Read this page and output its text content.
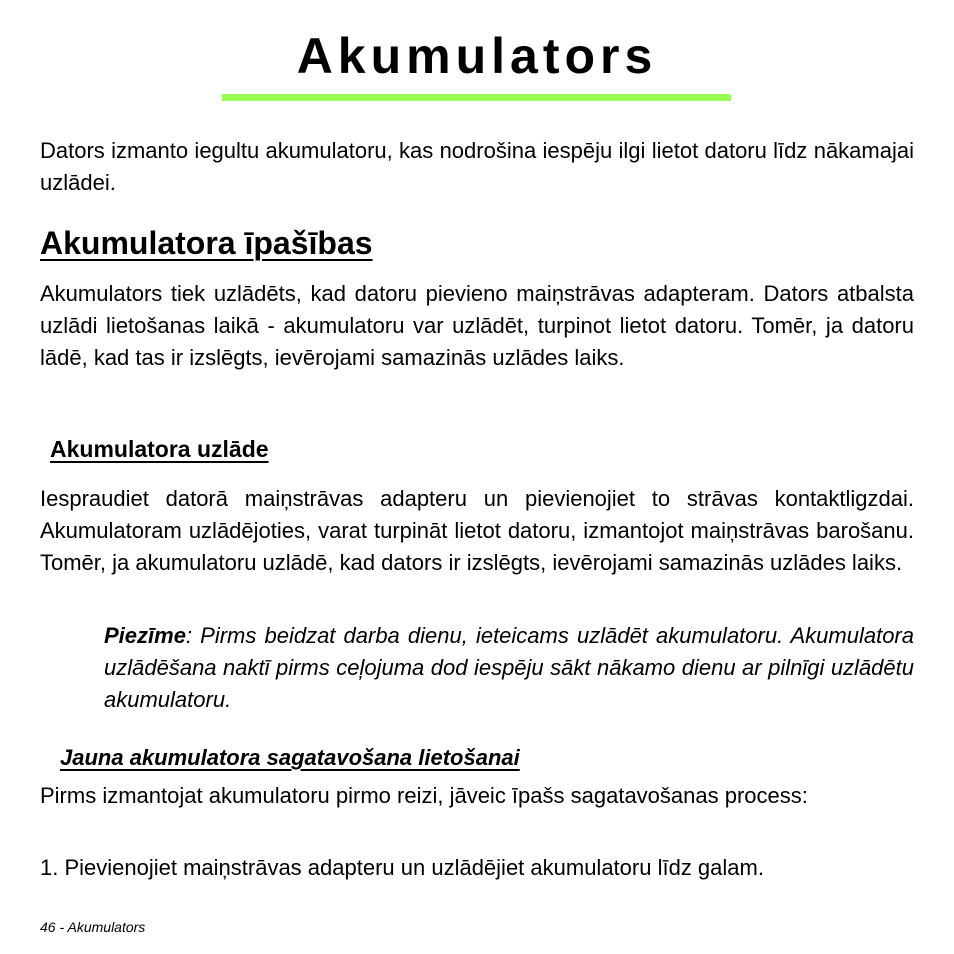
Akumulators

Dators izmanto iegultu akumulatoru, kas nodrošina iespēju ilgi lietot datoru līdz nākamajai uzlādei.

Akumulatora īpašības

Akumulators tiek uzlādēts, kad datoru pievieno maiņstrāvas adapteram. Dators atbalsta uzlādi lietošanas laikā - akumulatoru var uzlādēt, turpinot lietot datoru. Tomēr, ja datoru lādē, kad tas ir izslēgts, ievērojami samazinās uzlādes laiks.

Akumulatora uzlāde

Iespraudiet datorā maiņstrāvas adapteru un pievienojiet to strāvas kontaktligzdai. Akumulatoram uzlādējoties, varat turpināt lietot datoru, izmantojot maiņstrāvas barošanu. Tomēr, ja akumulatoru uzlādē, kad dators ir izslēgts, ievērojami samazinās uzlādes laiks.

Piezīme: Pirms beidzat darba dienu, ieteicams uzlādēt akumulatoru. Akumulatora uzlādēšana naktī pirms ceļojuma dod iespēju sākt nākamo dienu ar pilnīgi uzlādētu akumulatoru.

Jauna akumulatora sagatavošana lietošanai

Pirms izmantojat akumulatoru pirmo reizi, jāveic īpašs sagatavošanas process:

1. Pievienojiet maiņstrāvas adapteru un uzlādējiet akumulatoru līdz galam.

46 - Akumulators
